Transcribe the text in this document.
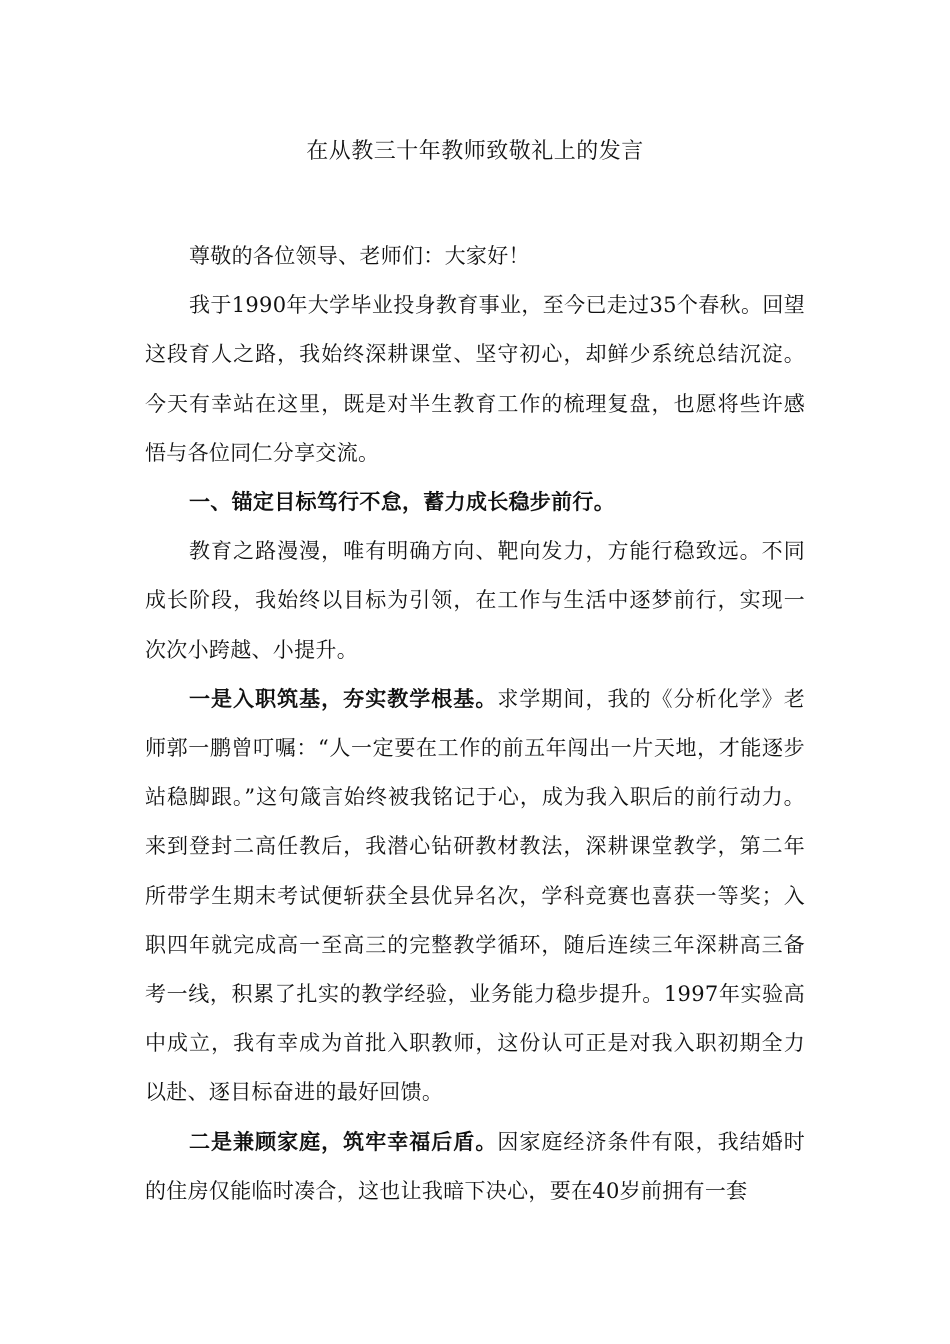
在从教三十年教师致敬礼上的发言

尊敬的各位领导、老师们：大家好！

我于1990年大学毕业投身教育事业，至今已走过35个春秋。回望这段育人之路，我始终深耕课堂、坚守初心，却鲜少系统总结沉淀。今天有幸站在这里，既是对半生教育工作的梳理复盘，也愿将些许感悟与各位同仁分享交流。

一、锚定目标笃行不怠，蓄力成长稳步前行。

教育之路漫漫，唯有明确方向、靶向发力，方能行稳致远。不同成长阶段，我始终以目标为引领，在工作与生活中逐梦前行，实现一次次小跨越、小提升。

一是入职筑基，夯实教学根基。求学期间，我的《分析化学》老师郭一鹏曾叮嘱：“人一定要在工作的前五年闯出一片天地，才能逐步站稳脚跟。”这句箴言始终被我铭记于心，成为我入职后的前行动力。来到登封二高任教后，我潜心钻研教材教法，深耕课堂教学，第二年所带学生期末考试便斩获全县优异名次，学科竞赛也喜获一等奖；入职四年就完成高一至高三的完整教学循环，随后连续三年深耕高三备考一线，积累了扎实的教学经验，业务能力稳步提升。1997年实验高中成立，我有幸成为首批入职教师，这份认可正是对我入职初期全力以赴、逐目标奋进的最好回馈。

二是兼顾家庭，筑牢幸福后盾。因家庭经济条件有限，我结婚时的住房仅能临时凑合，这也让我暗下决心，要在40岁前拥有一套
